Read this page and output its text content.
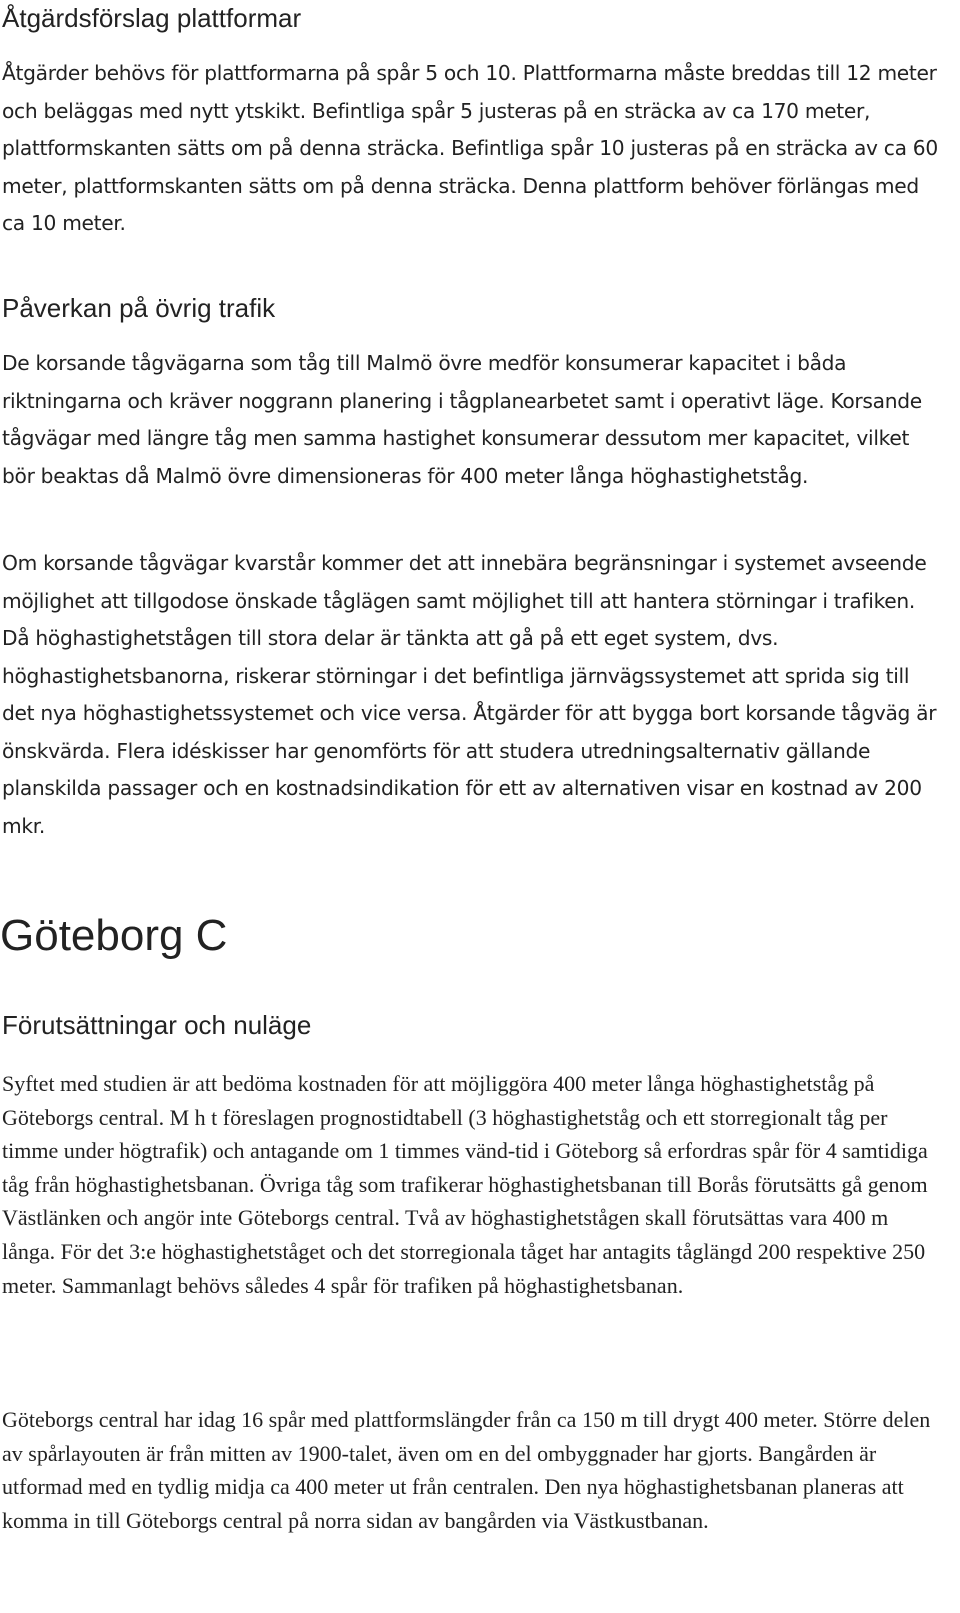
Åtgärdsförslag plattformar

Åtgärder behövs för plattformarna på spår 5 och 10. Plattformarna måste breddas till 12 meter och beläggas med nytt ytskikt. Befintliga spår 5 justeras på en sträcka av ca 170 meter, plattformskanten sätts om på denna sträcka. Befintliga spår 10 justeras på en sträcka av ca 60 meter, plattformskanten sätts om på denna sträcka. Denna plattform behöver förlängas med ca 10 meter.

Påverkan på övrig trafik

De korsande tågvägarna som tåg till Malmö övre medför konsumerar kapacitet i båda riktningarna och kräver noggrann planering i tågplanearbetet samt i operativt läge. Korsande tågvägar med längre tåg men samma hastighet konsumerar dessutom mer kapacitet, vilket bör beaktas då Malmö övre dimensioneras för 400 meter långa höghastighetståg.

Om korsande tågvägar kvarstår kommer det att innebära begränsningar i systemet avseende möjlighet att tillgodose önskade tåglägen samt möjlighet till att hantera störningar i trafiken. Då höghastighetstågen till stora delar är tänkta att gå på ett eget system, dvs. höghastighetsbanorna, riskerar störningar i det befintliga järnvägssystemet att sprida sig till det nya höghastighetssystemet och vice versa. Åtgärder för att bygga bort korsande tågväg är önskvärda. Flera idéskisser har genomförts för att studera utredningsalternativ gällande planskilda passager och en kostnadsindikation för ett av alternativen visar en kostnad av 200 mkr.

Göteborg C
Förutsättningar och nuläge

Syftet med studien är att bedöma kostnaden för att möjliggöra 400 meter långa höghastighetståg på Göteborgs central. M h t föreslagen prognostidtabell (3 höghastighetståg och ett storregionalt tåg per timme under högtrafik) och antagande om 1 timmes vänd-tid i Göteborg så erfordras spår för 4 samtidiga tåg från höghastighetsbanan. Övriga tåg som trafikerar höghastighetsbanan till Borås förutsätts gå genom Västlänken och angör inte Göteborgs central. Två av höghastighetstågen skall förutsättas vara 400 m långa. För det 3:e höghastighetståget och det storregionala tåget har antagits tåglängd 200 respektive 250 meter. Sammanlagt behövs således 4 spår för trafiken på höghastighetsbanan.

Göteborgs central har idag 16 spår med plattformslängder från ca 150 m till drygt 400 meter. Större delen av spårlayouten är från mitten av 1900-talet, även om en del ombyggnader har gjorts. Bangården är utformad med en tydlig midja ca 400 meter ut från centralen. Den nya höghastighetsbanan planeras att komma in till Göteborgs central på norra sidan av bangården via Västkustbanan.
